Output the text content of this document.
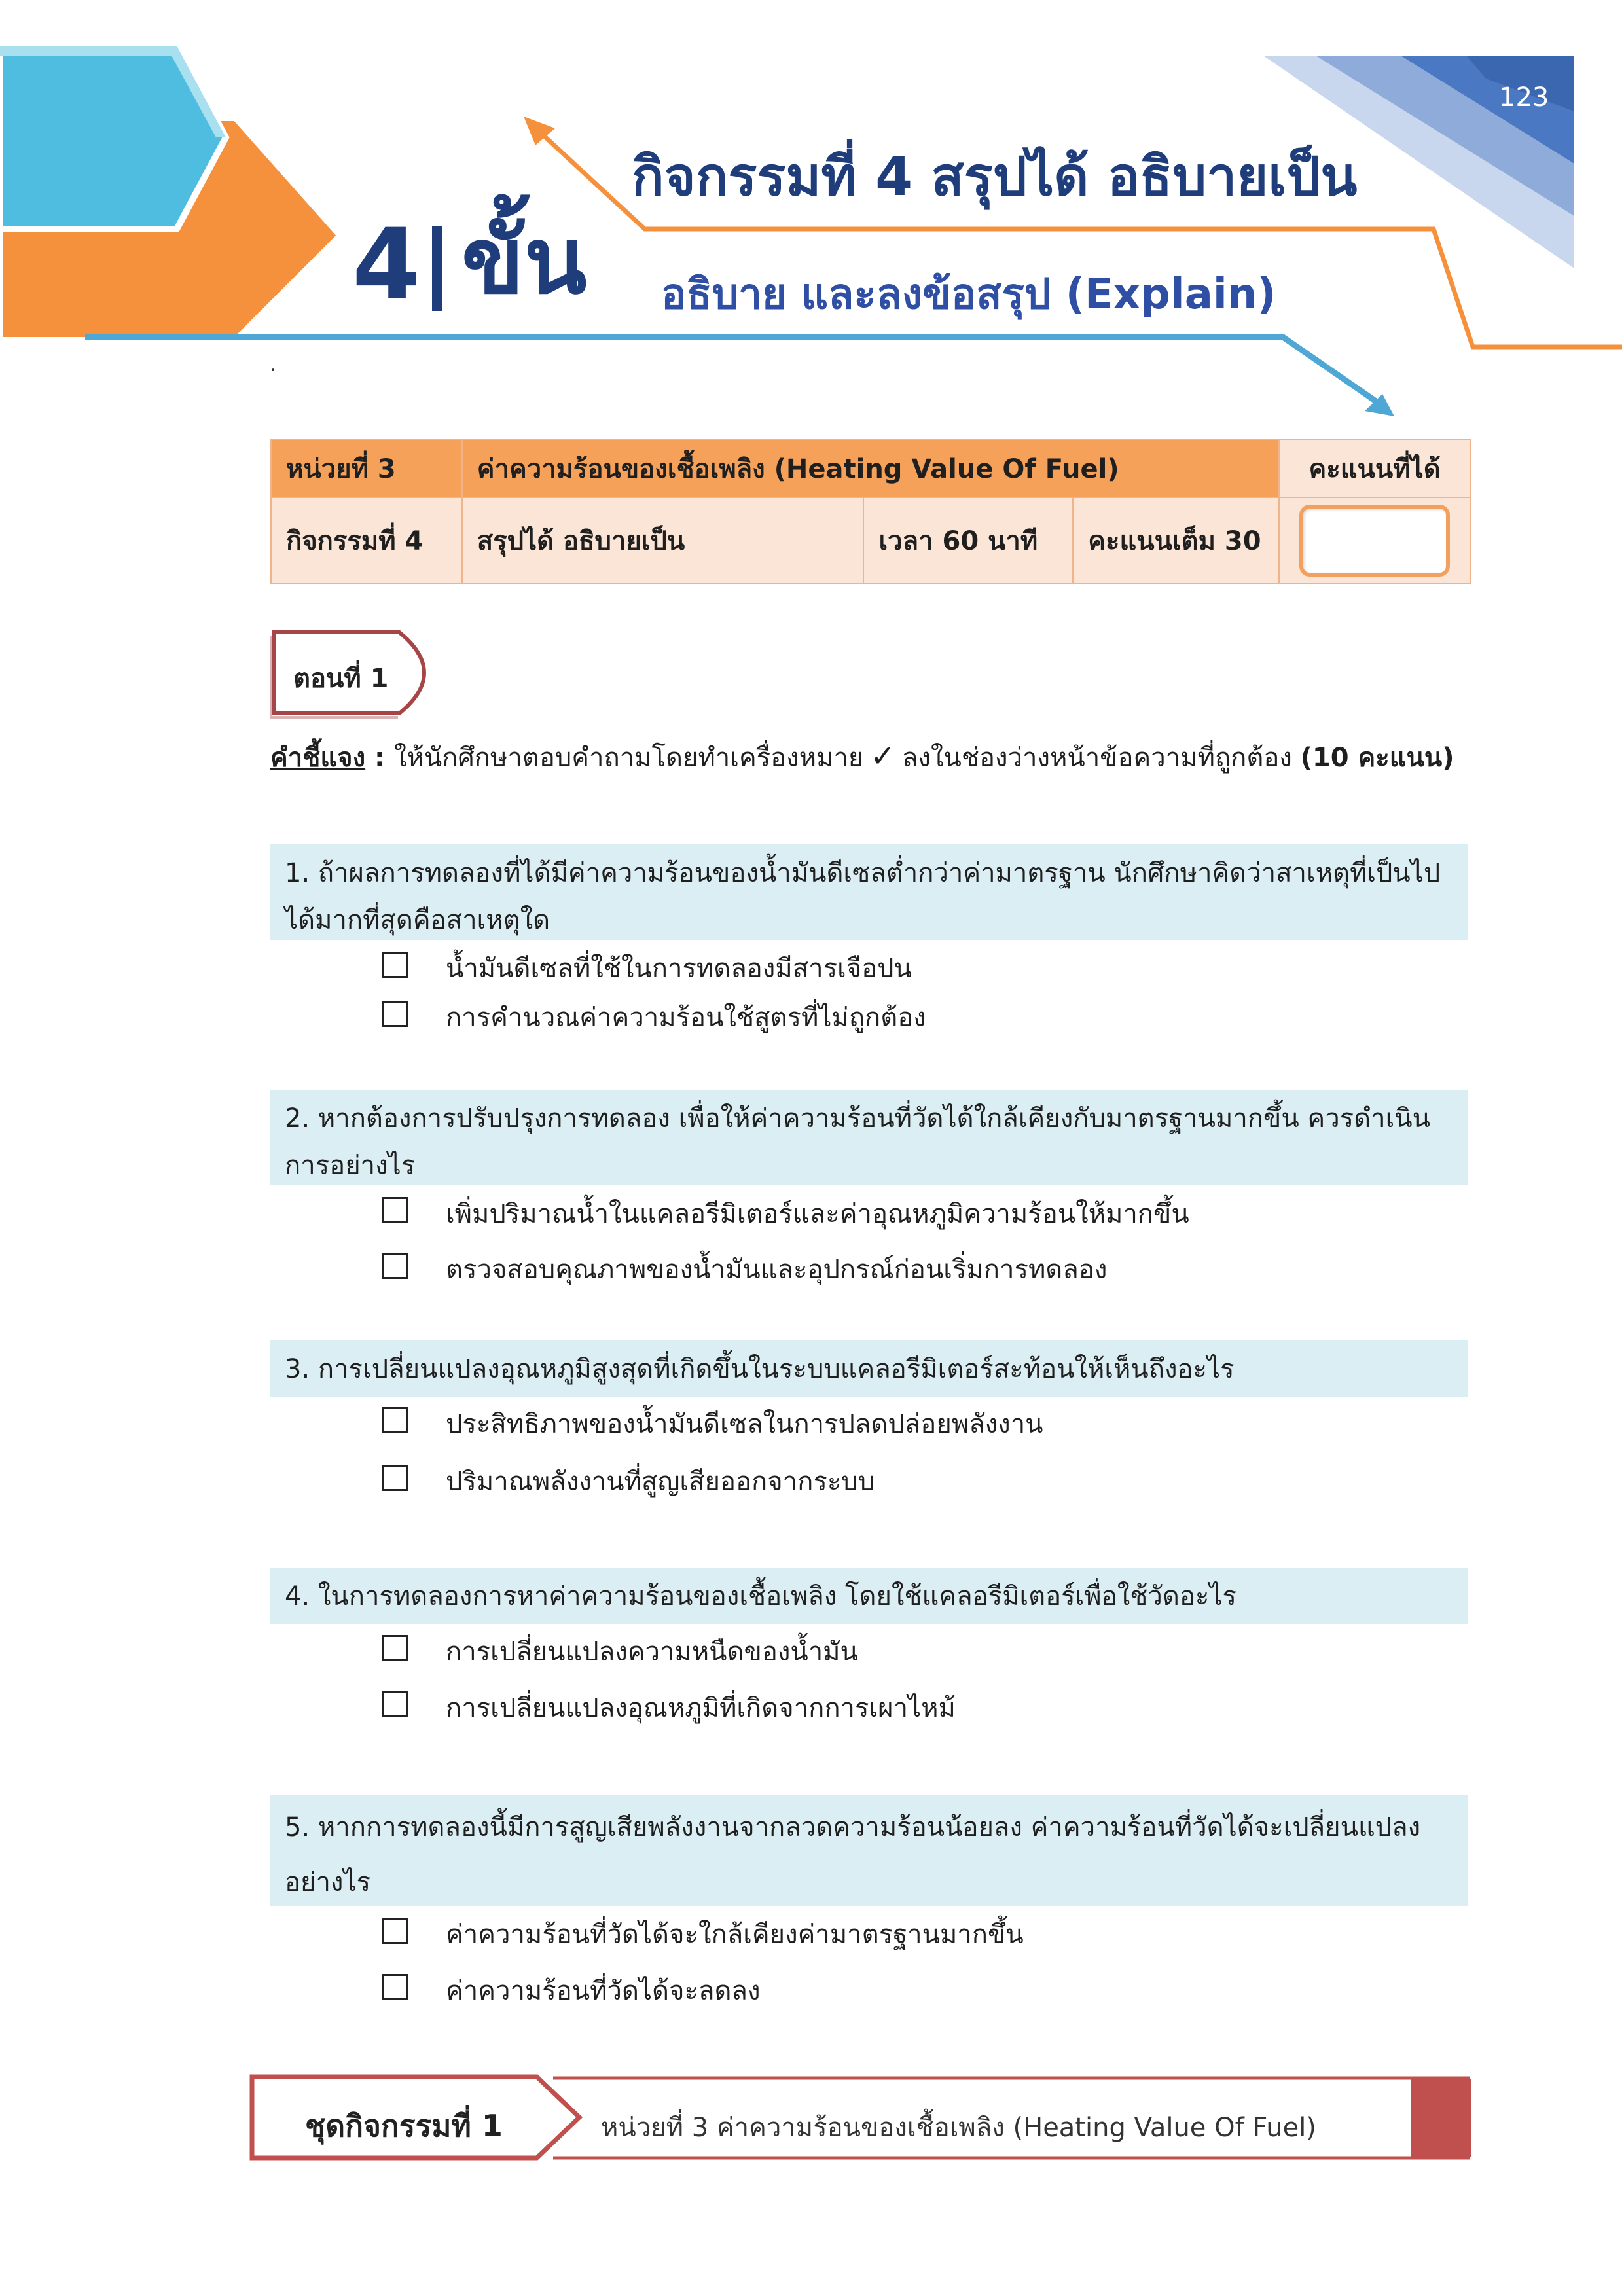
123
4 ขั้น
กิจกรรมที่ 4 สรุปได้ อธิบายเป็น
อธิบาย และลงข้อสรุป (Explain)
.
หน่วยที่ 3	ค่าความร้อนของเชื้อเพลิง (Heating Value Of Fuel)			คะแนนที่ได้
กิจกรรมที่ 4	สรุปได้ อธิบายเป็น	เวลา 60 นาที	คะแนนเต็ม 30	
ตอนที่ 1
คำชี้แจง : ให้นักศึกษาตอบคำถามโดยทำเครื่องหมาย ✓ ลงในช่องว่างหน้าข้อความที่ถูกต้อง (10 คะแนน)
1. ถ้าผลการทดลองที่ได้มีค่าความร้อนของน้ำมันดีเซลต่ำกว่าค่ามาตรฐาน นักศึกษาคิดว่าสาเหตุที่เป็นไปได้มากที่สุดคือสาเหตุใด
น้ำมันดีเซลที่ใช้ในการทดลองมีสารเจือปน
การคำนวณค่าความร้อนใช้สูตรที่ไม่ถูกต้อง
2. หากต้องการปรับปรุงการทดลอง เพื่อให้ค่าความร้อนที่วัดได้ใกล้เคียงกับมาตรฐานมากขึ้น ควรดำเนินการอย่างไร
เพิ่มปริมาณน้ำในแคลอรีมิเตอร์และค่าอุณหภูมิความร้อนให้มากขึ้น
ตรวจสอบคุณภาพของน้ำมันและอุปกรณ์ก่อนเริ่มการทดลอง
3. การเปลี่ยนแปลงอุณหภูมิสูงสุดที่เกิดขึ้นในระบบแคลอรีมิเตอร์สะท้อนให้เห็นถึงอะไร
ประสิทธิภาพของน้ำมันดีเซลในการปลดปล่อยพลังงาน
ปริมาณพลังงานที่สูญเสียออกจากระบบ
4. ในการทดลองการหาค่าความร้อนของเชื้อเพลิง โดยใช้แคลอรีมิเตอร์เพื่อใช้วัดอะไร
การเปลี่ยนแปลงความหนืดของน้ำมัน
การเปลี่ยนแปลงอุณหภูมิที่เกิดจากการเผาไหม้
5. หากการทดลองนี้มีการสูญเสียพลังงานจากลวดความร้อนน้อยลง ค่าความร้อนที่วัดได้จะเปลี่ยนแปลงอย่างไร
ค่าความร้อนที่วัดได้จะใกล้เคียงค่ามาตรฐานมากขึ้น
ค่าความร้อนที่วัดได้จะลดลง
ชุดกิจกรรมที่ 1	หน่วยที่ 3 ค่าความร้อนของเชื้อเพลิง (Heating Value Of Fuel)
